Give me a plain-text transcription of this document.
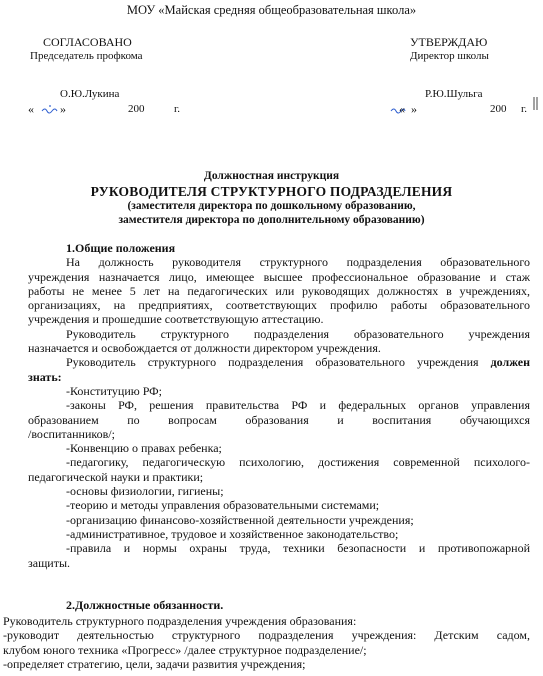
МОУ «Майская средняя общеобразовательная школа»
СОГЛАСОВАНО
Председатель профкома
О.Ю.Лукина
« »	200	г.
УТВЕРЖДАЮ
Директор школы
Р.Ю.Шульга
« »	200 г.
Должностная инструкция
РУКОВОДИТЕЛЯ СТРУКТУРНОГО ПОДРАЗДЕЛЕНИЯ
(заместителя директора по дошкольному образованию,
заместителя директора по дополнительному образованию)
1.Общие положения
На должность руководителя структурного подразделения образовательного
учреждения назначается лицо, имеющее высшее профессиональное образование и стаж
работы не менее 5 лет на педагогических или руководящих должностях в учреждениях,
организациях, на предприятиях, соответствующих профилю работы образовательного
учреждения и прошедшие соответствующую аттестацию.
Руководитель структурного подразделения образовательного учреждения
назначается и освобождается от должности директором учреждения.
Руководитель структурного подразделения образовательного учреждения должен
знать:
-Конституцию РФ;
-законы РФ, решения правительства РФ и федеральных органов управления
образованием по вопросам образования и воспитания обучающихся
/воспитанников/;
-Конвенцию о правах ребенка;
-педагогику, педагогическую психологию, достижения современной психолого-
педагогической науки и практики;
-основы физиологии, гигиены;
-теорию и методы управления образовательными системами;
-организацию финансово-хозяйственной деятельности учреждения;
-административное, трудовое и хозяйственное законодательство;
-правила и нормы охраны труда, техники безопасности и противопожарной
защиты.
2.Должностные обязанности.
Руководитель структурного подразделения учреждения образования:
-руководит деятельностью структурного подразделения учреждения: Детским садом,
клубом юного техника «Прогресс» /далее структурное подразделение/;
-определяет стратегию, цели, задачи развития учреждения;
